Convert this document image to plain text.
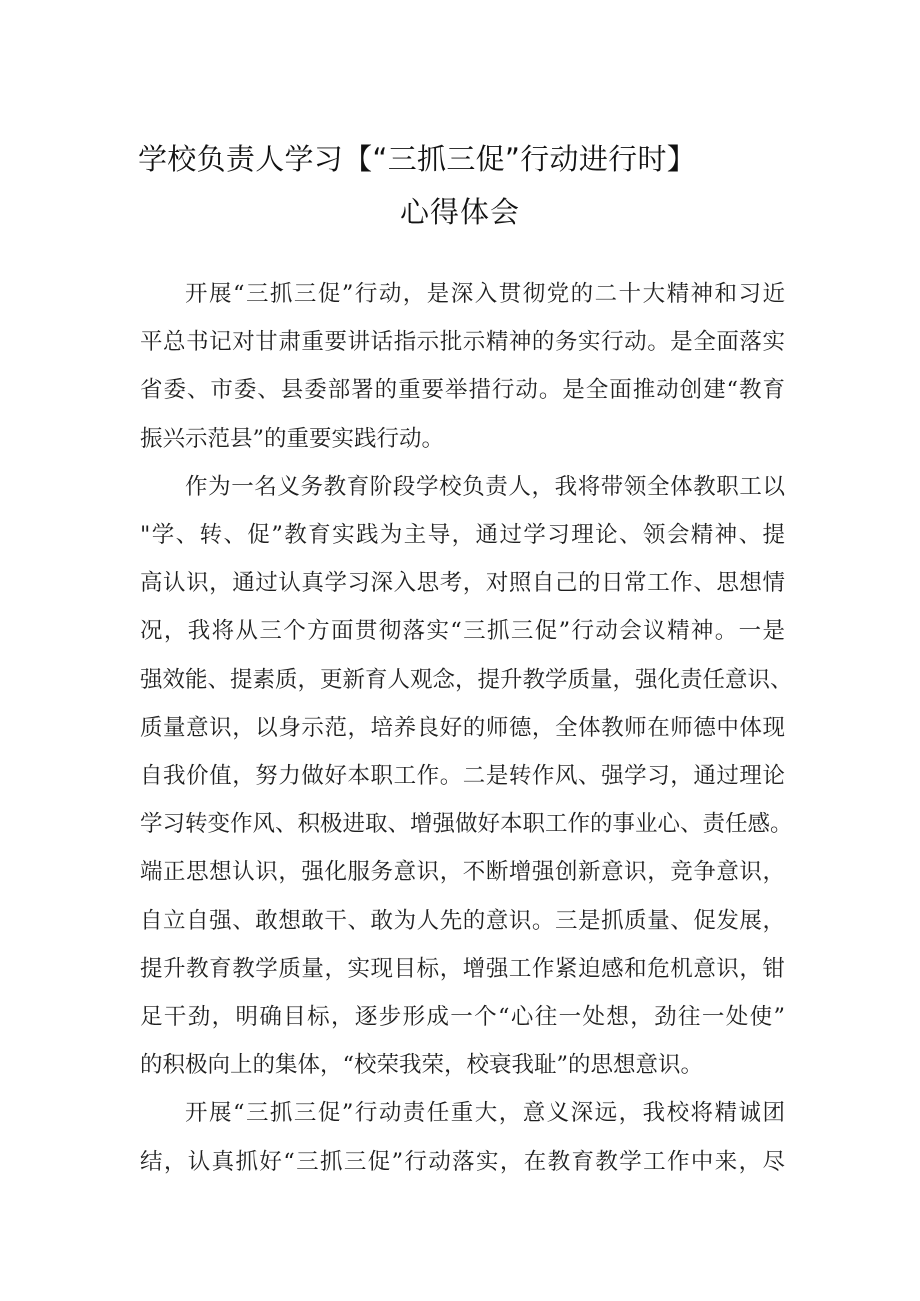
学校负责人学习【“三抓三促”行动进行时】
心得体会

开展“三抓三促”行动，是深入贯彻党的二十大精神和习近
平总书记对甘肃重要讲话指示批示精神的务实行动。是全面落实
省委、市委、县委部署的重要举措行动。是全面推动创建“教育
振兴示范县”的重要实践行动。

作为一名义务教育阶段学校负责人，我将带领全体教职工以
"学、转、促”教育实践为主导，通过学习理论、领会精神、提
高认识，通过认真学习深入思考，对照自己的日常工作、思想情
况，我将从三个方面贯彻落实“三抓三促”行动会议精神。一是
强效能、提素质，更新育人观念，提升教学质量，强化责任意识、
质量意识，以身示范，培养良好的师德，全体教师在师德中体现
自我价值，努力做好本职工作。二是转作风、强学习，通过理论
学习转变作风、积极进取、增强做好本职工作的事业心、责任感。
端正思想认识，强化服务意识，不断增强创新意识，竞争意识，
自立自强、敢想敢干、敢为人先的意识。三是抓质量、促发展，
提升教育教学质量，实现目标，增强工作紧迫感和危机意识，钳
足干劲，明确目标，逐步形成一个“心往一处想，劲往一处使”
的积极向上的集体，“校荣我荣，校衰我耻”的思想意识。

开展“三抓三促”行动责任重大，意义深远，我校将精诚团
结，认真抓好“三抓三促”行动落实，在教育教学工作中来，尽
